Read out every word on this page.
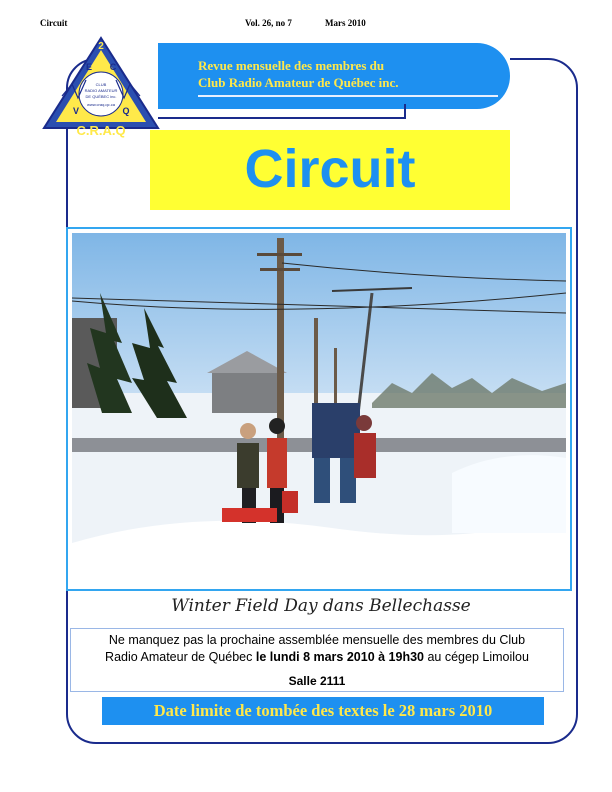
Circuit	Vol. 26, no 7	Mars 2010
Revue mensuelle des membres du
Club Radio Amateur de Québec inc.
2
E C
V	Q
CLUB
RADIO AMATEUR
DE QUÉBEC inc.
www.craq.qc.ca
C.R.A.Q
Circuit
Winter Field Day dans Bellechasse
Ne manquez pas la prochaine assemblée mensuelle des membres du Club
Radio Amateur de Québec le lundi 8 mars 2010 à 19h30 au cégep Limoilou
Salle 2111
Date limite de tombée des textes le 28 mars 2010
